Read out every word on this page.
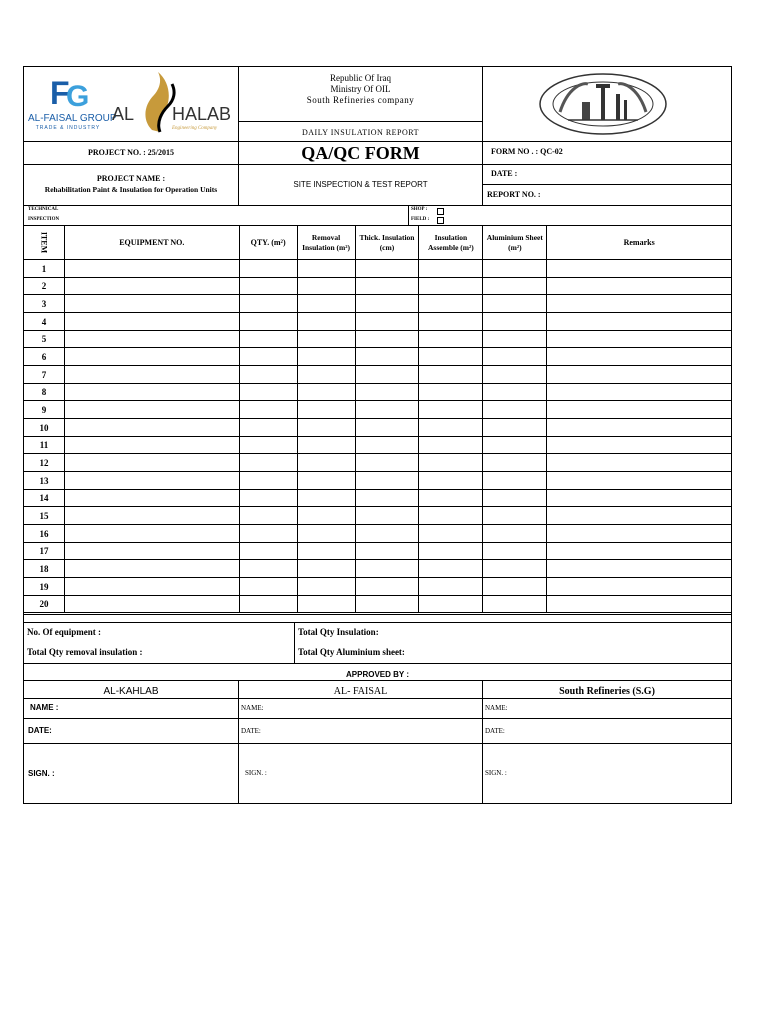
F
G
AL-FAISAL GROUP
TRADE & INDUSTRY
AL HALAB
Engineering Company
Republic Of Iraq
Ministry Of OIL
South Refineries company
DAILY INSULATION REPORT
PROJECT NO. : 25/2015	QA/QC FORM	FORM NO . : QC-02
PROJECT NAME :
Rehabilitation Paint & Insulation for Operation Units
SITE INSPECTION & TEST REPORT
DATE :
REPORT NO. :
TECHNICAL
INSPECTION
SHOP :
FIELD :
ITEM	EQUIPMENT NO.	QTY. (m²)	Removal Insulation (m²)	Thick. Insulation (cm)	Insulation Assemble (m²)	Aluminium Sheet (m²)	Remarks
1							
2							
3							
4							
5							
6							
7							
8							
9							
10							
11							
12							
13							
14							
15							
16							
17							
18							
19							
20							
No. Of equipment :
Total Qty removal insulation :
Total Qty Insulation:
Total Qty Aluminium sheet:
APPROVED BY :
AL-KAHLAB	AL- FAISAL	South Refineries (S.G)
NAME :	NAME:	NAME:
DATE:	DATE:	DATE:
SIGN. :	SIGN. :	SIGN. :
